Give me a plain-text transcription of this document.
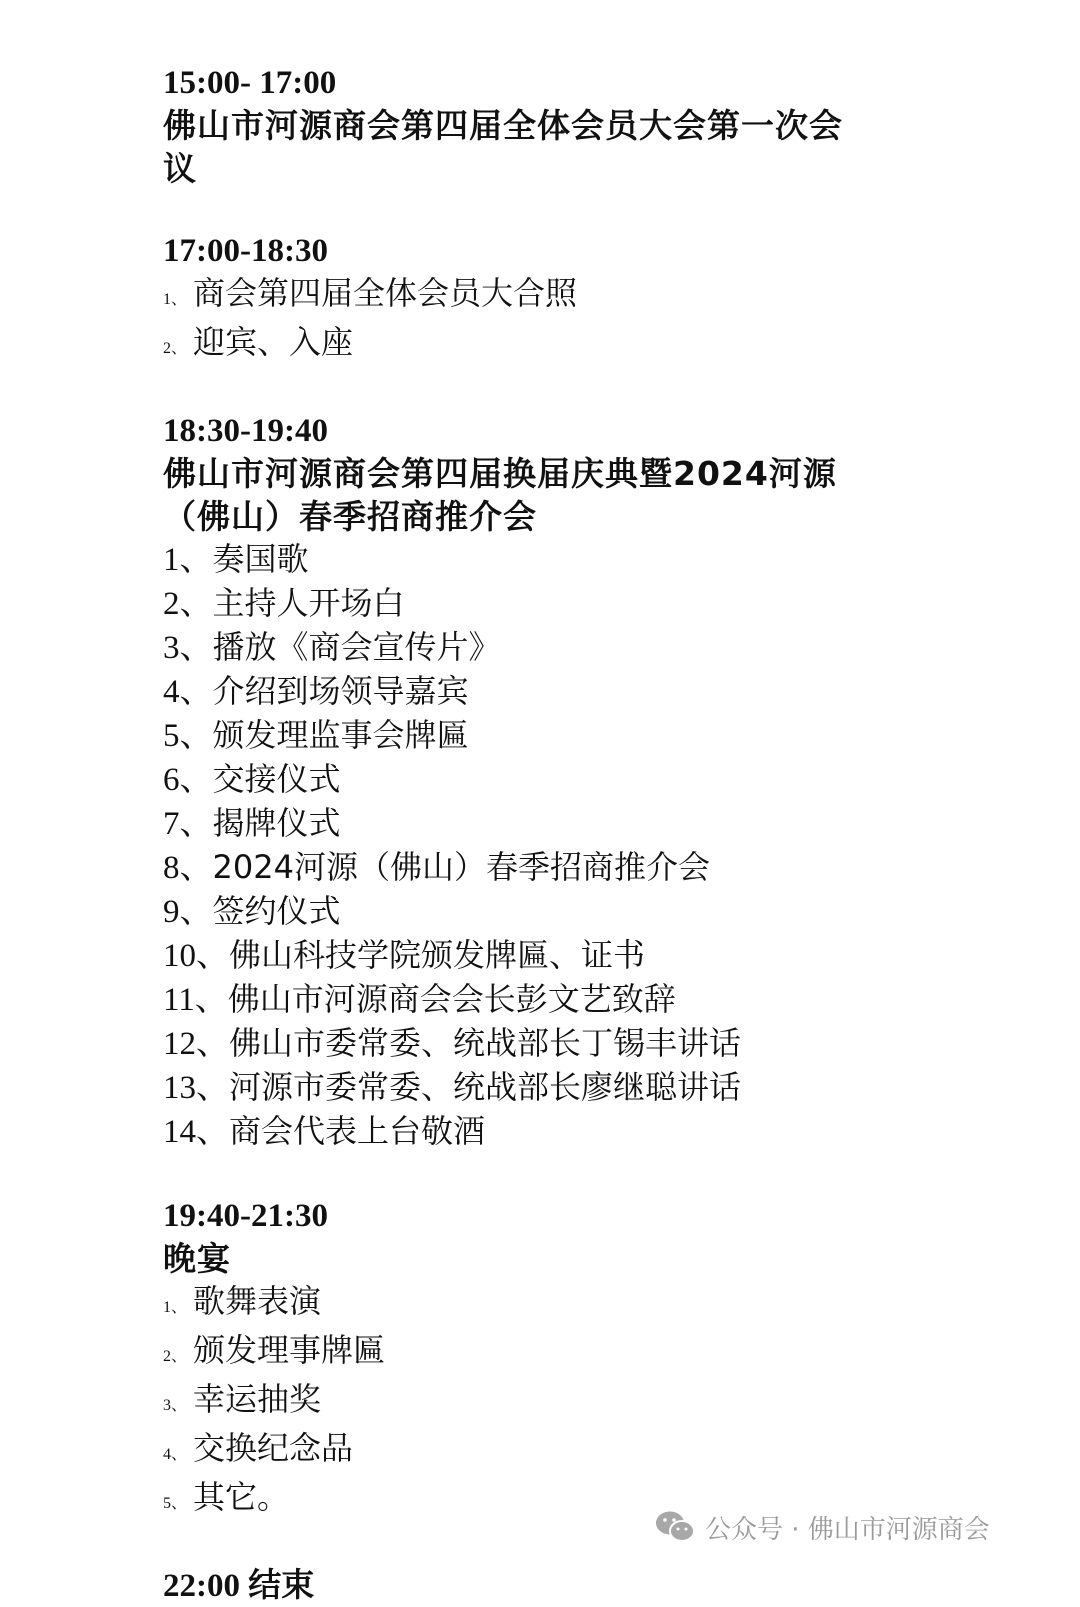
15:00- 17:00

佛山市河源商会第四届全体会员大会第一次会

议

17:00-18:30

1、 商会第四届全体会员大合照

2、 迎宾、入座

18:30-19:40

佛山市河源商会第四届换届庆典暨2024河源

（佛山）春季招商推介会

1、奏国歌

2、主持人开场白

3、播放《商会宣传片》

4、介绍到场领导嘉宾

5、颁发理监事会牌匾

6、交接仪式

7、揭牌仪式

8、2024河源（佛山）春季招商推介会

9、签约仪式

10、佛山科技学院颁发牌匾、证书

11、佛山市河源商会会长彭文艺致辞

12、佛山市委常委、统战部长丁锡丰讲话

13、河源市委常委、统战部长廖继聪讲话

14、商会代表上台敬酒

19:40-21:30

晚宴

1、 歌舞表演

2、 颁发理事牌匾

3、 幸运抽奖

4、 交换纪念品

5、 其它。

22:00 结束

公众号 · 佛山市河源商会
